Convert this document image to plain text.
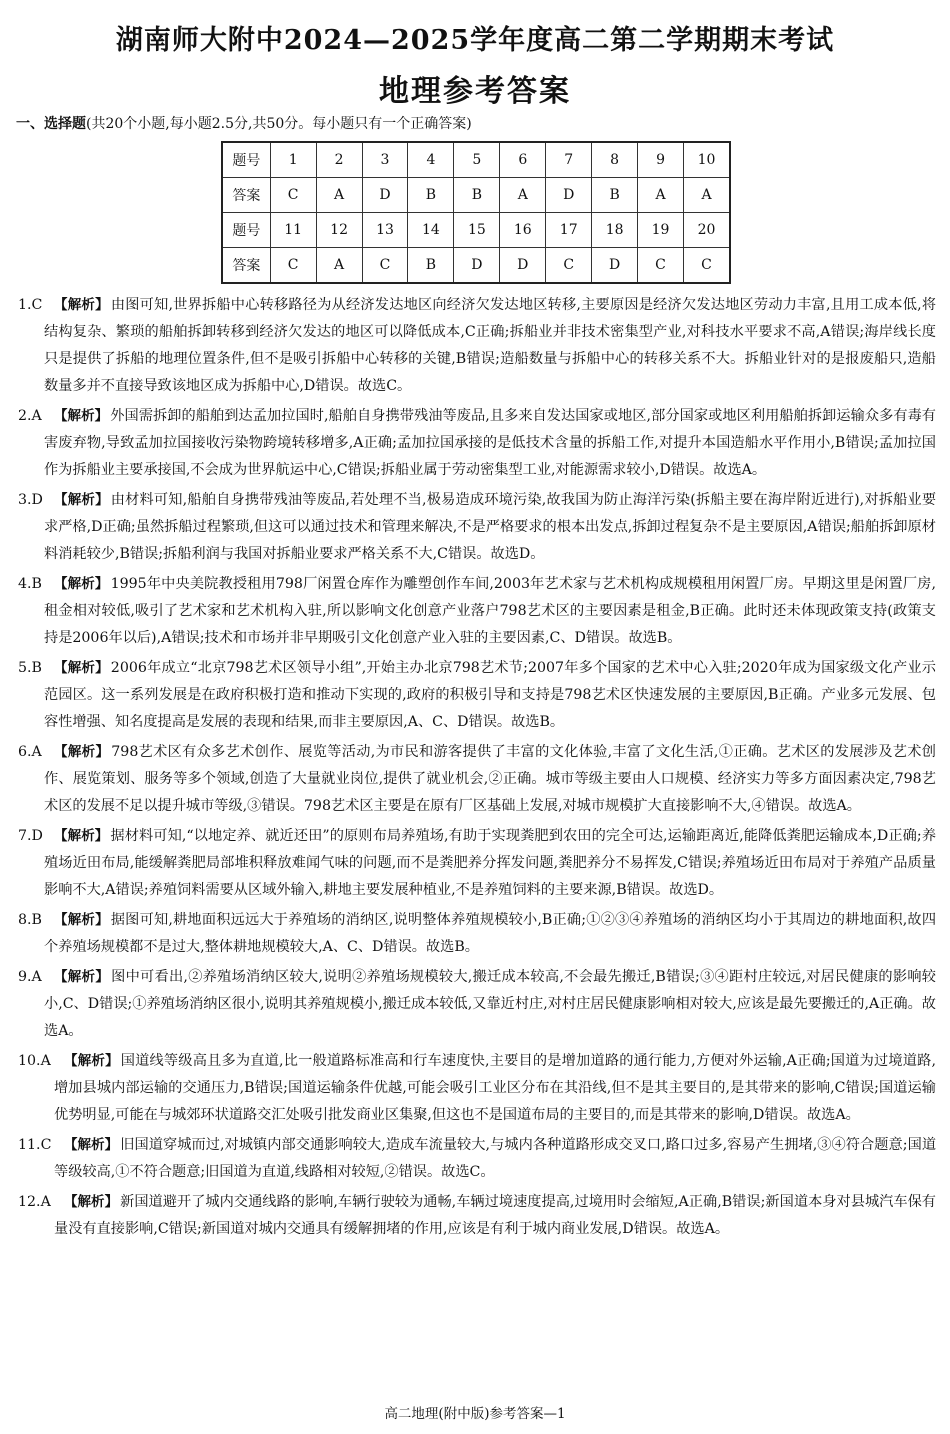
湖南师大附中2024—2025学年度高二第二学期期末考试
地理参考答案
一、选择题(共20个小题,每小题2.5分,共50分。每小题只有一个正确答案)
题号	1	2	3	4	5	6	7	8	9	10
答案	C	A	D	B	B	A	D	B	A	A
题号	11	12	13	14	15	16	17	18	19	20
答案	C	A	C	B	D	D	C	D	C	C
1.C 【解析】 由图可知,世界拆船中心转移路径为从经济发达地区向经济欠发达地区转移,主要原因是经济欠发达地区劳动力丰富,且用工成本低,将结构复杂、繁琐的船舶拆卸转移到经济欠发达的地区可以降低成本,C正确;拆船业并非技术密集型产业,对科技水平要求不高,A错误;海岸线长度只是提供了拆船的地理位置条件,但不是吸引拆船中心转移的关键,B错误;造船数量与拆船中心的转移关系不大。拆船业针对的是报废船只,造船数量多并不直接导致该地区成为拆船中心,D错误。故选C。
2.A 【解析】 外国需拆卸的船舶到达孟加拉国时,船舶自身携带残油等废品,且多来自发达国家或地区,部分国家或地区利用船舶拆卸运输众多有毒有害废弃物,导致孟加拉国接收污染物跨境转移增多,A正确;孟加拉国承接的是低技术含量的拆船工作,对提升本国造船水平作用小,B错误;孟加拉国作为拆船业主要承接国,不会成为世界航运中心,C错误;拆船业属于劳动密集型工业,对能源需求较小,D错误。故选A。
3.D 【解析】 由材料可知,船舶自身携带残油等废品,若处理不当,极易造成环境污染,故我国为防止海洋污染(拆船主要在海岸附近进行),对拆船业要求严格,D正确;虽然拆船过程繁琐,但这可以通过技术和管理来解决,不是严格要求的根本出发点,拆卸过程复杂不是主要原因,A错误;船舶拆卸原材料消耗较少,B错误;拆船利润与我国对拆船业要求严格关系不大,C错误。故选D。
4.B 【解析】 1995年中央美院教授租用798厂闲置仓库作为雕塑创作车间,2003年艺术家与艺术机构成规模租用闲置厂房。早期这里是闲置厂房,租金相对较低,吸引了艺术家和艺术机构入驻,所以影响文化创意产业落户798艺术区的主要因素是租金,B正确。此时还未体现政策支持(政策支持是2006年以后),A错误;技术和市场并非早期吸引文化创意产业入驻的主要因素,C、D错误。故选B。
5.B 【解析】 2006年成立“北京798艺术区领导小组”,开始主办北京798艺术节;2007年多个国家的艺术中心入驻;2020年成为国家级文化产业示范园区。这一系列发展是在政府积极打造和推动下实现的,政府的积极引导和支持是798艺术区快速发展的主要原因,B正确。产业多元发展、包容性增强、知名度提高是发展的表现和结果,而非主要原因,A、C、D错误。故选B。
6.A 【解析】 798艺术区有众多艺术创作、展览等活动,为市民和游客提供了丰富的文化体验,丰富了文化生活,①正确。艺术区的发展涉及艺术创作、展览策划、服务等多个领域,创造了大量就业岗位,提供了就业机会,②正确。城市等级主要由人口规模、经济实力等多方面因素决定,798艺术区的发展不足以提升城市等级,③错误。798艺术区主要是在原有厂区基础上发展,对城市规模扩大直接影响不大,④错误。故选A。
7.D 【解析】 据材料可知,“以地定养、就近还田”的原则布局养殖场,有助于实现粪肥到农田的完全可达,运输距离近,能降低粪肥运输成本,D正确;养殖场近田布局,能缓解粪肥局部堆积释放难闻气味的问题,而不是粪肥养分挥发问题,粪肥养分不易挥发,C错误;养殖场近田布局对于养殖产品质量影响不大,A错误;养殖饲料需要从区域外输入,耕地主要发展种植业,不是养殖饲料的主要来源,B错误。故选D。
8.B 【解析】 据图可知,耕地面积远远大于养殖场的消纳区,说明整体养殖规模较小,B正确;①②③④养殖场的消纳区均小于其周边的耕地面积,故四个养殖场规模都不是过大,整体耕地规模较大,A、C、D错误。故选B。
9.A 【解析】 图中可看出,②养殖场消纳区较大,说明②养殖场规模较大,搬迁成本较高,不会最先搬迁,B错误;③④距村庄较远,对居民健康的影响较小,C、D错误;①养殖场消纳区很小,说明其养殖规模小,搬迁成本较低,又靠近村庄,对村庄居民健康影响相对较大,应该是最先要搬迁的,A正确。故选A。
10.A 【解析】 国道线等级高且多为直道,比一般道路标准高和行车速度快,主要目的是增加道路的通行能力,方便对外运输,A正确;国道为过境道路,增加县城内部运输的交通压力,B错误;国道运输条件优越,可能会吸引工业区分布在其沿线,但不是其主要目的,是其带来的影响,C错误;国道运输优势明显,可能在与城郊环状道路交汇处吸引批发商业区集聚,但这也不是国道布局的主要目的,而是其带来的影响,D错误。故选A。
11.C 【解析】 旧国道穿城而过,对城镇内部交通影响较大,造成车流量较大,与城内各种道路形成交叉口,路口过多,容易产生拥堵,③④符合题意;国道等级较高,①不符合题意;旧国道为直道,线路相对较短,②错误。故选C。
12.A 【解析】 新国道避开了城内交通线路的影响,车辆行驶较为通畅,车辆过境速度提高,过境用时会缩短,A正确,B错误;新国道本身对县城汽车保有量没有直接影响,C错误;新国道对城内交通具有缓解拥堵的作用,应该是有利于城内商业发展,D错误。故选A。
高二地理(附中版)参考答案—1
